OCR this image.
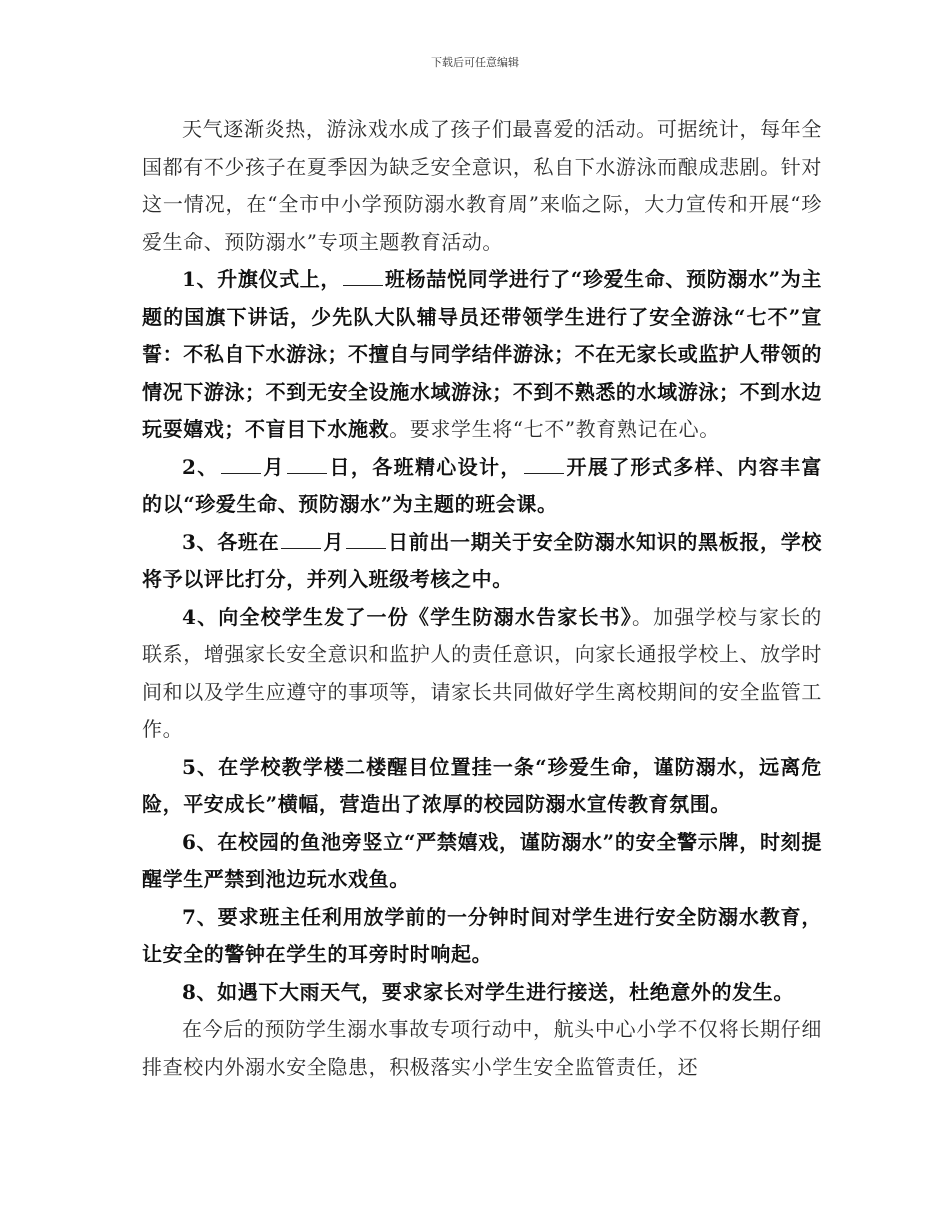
下载后可任意编辑

天气逐渐炎热，游泳戏水成了孩子们最喜爱的活动。可据统计，每年全国都有不少孩子在夏季因为缺乏安全意识，私自下水游泳而酿成悲剧。针对这一情况，在“全市中小学预防溺水教育周”来临之际，大力宣传和开展“珍爱生命、预防溺水”专项主题教育活动。

1、升旗仪式上， 班杨喆悦同学进行了“珍爱生命、预防溺水”为主题的国旗下讲话，少先队大队辅导员还带领学生进行了安全游泳“七不”宣誓：不私自下水游泳；不擅自与同学结伴游泳；不在无家长或监护人带领的情况下游泳；不到无安全设施水域游泳；不到不熟悉的水域游泳；不到水边玩耍嬉戏；不盲目下水施救。要求学生将“七不”教育熟记在心。

2、 月 日，各班精心设计， 开展了形式多样、内容丰富的以“珍爱生命、预防溺水”为主题的班会课。

3、各班在 月 日前出一期关于安全防溺水知识的黑板报，学校将予以评比打分，并列入班级考核之中。

4、向全校学生发了一份《学生防溺水告家长书》。加强学校与家长的联系，增强家长安全意识和监护人的责任意识，向家长通报学校上、放学时间和以及学生应遵守的事项等，请家长共同做好学生离校期间的安全监管工作。

5、在学校教学楼二楼醒目位置挂一条“珍爱生命，谨防溺水，远离危险，平安成长”横幅，营造出了浓厚的校园防溺水宣传教育氛围。

6、在校园的鱼池旁竖立“严禁嬉戏，谨防溺水”的安全警示牌，时刻提醒学生严禁到池边玩水戏鱼。

7、要求班主任利用放学前的一分钟时间对学生进行安全防溺水教育，让安全的警钟在学生的耳旁时时响起。

8、如遇下大雨天气，要求家长对学生进行接送，杜绝意外的发生。

在今后的预防学生溺水事故专项行动中，航头中心小学不仅将长期仔细排查校内外溺水安全隐患，积极落实小学生安全监管责任，还
